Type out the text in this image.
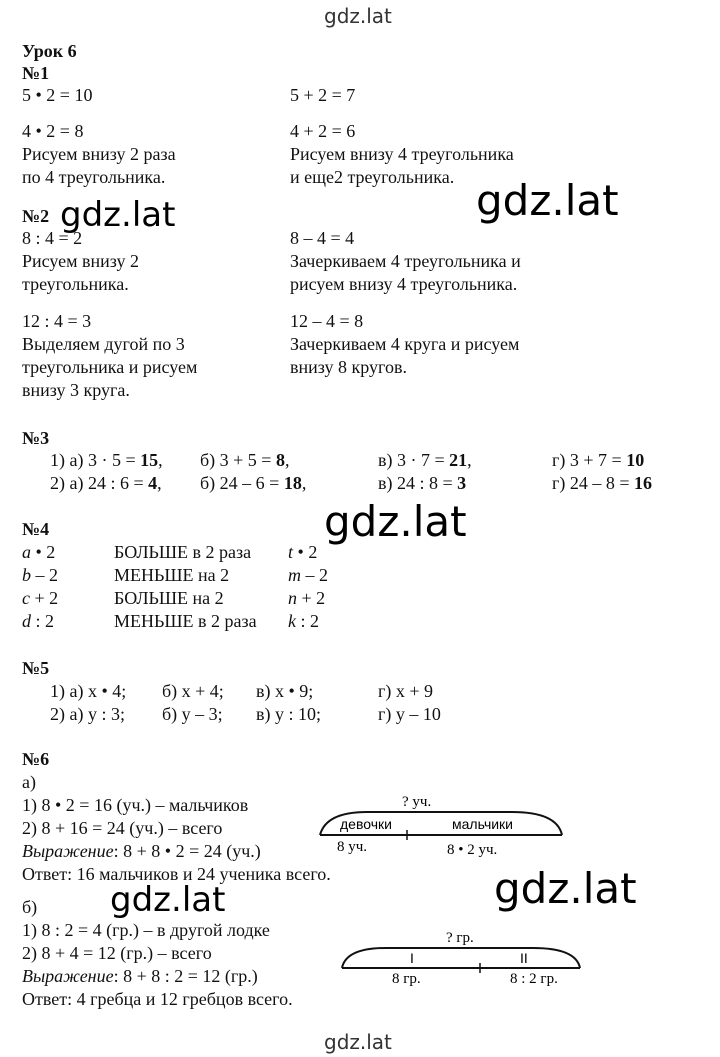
gdz.lat
gdz.lat	gdz.lat
gdz.lat
gdz.lat
gdz.lat
gdz.lat
Урок 6
№1
5 • 2 = 10	5 + 2 = 7
4 • 2 = 8	4 + 2 = 6
Рисуем внизу 2 раза	Рисуем внизу 4 треугольника
по 4 треугольника.	и еще2 треугольника.
№2
8 : 4 = 2	8 – 4 = 4
Рисуем внизу 2	Зачеркиваем 4 треугольника и
треугольника.	рисуем внизу 4 треугольника.
12 : 4 = 3	12 – 4 = 8
Выделяем дугой по 3	Зачеркиваем 4 круга и рисуем
треугольника и рисуем	внизу 8 кругов.
внизу 3 круга.
№3
1) а) 3 · 5 = 15, б) 3 + 5 = 8,	в) 3 · 7 = 21,	г) 3 + 7 = 10
2) а) 24 : 6 = 4, б) 24 – 6 = 18,	в) 24 : 8 = 3	г) 24 – 8 = 16
№4
a • 2	БОЛЬШЕ в 2 раза t • 2
b – 2	МЕНЬШЕ на 2	m – 2
c + 2	БОЛЬШЕ на 2	n + 2
d : 2	МЕНЬШЕ в 2 раза k : 2
№5
1) а) х • 4; б) х + 4; в) х • 9;	г) х + 9
2) а) у : 3; б) у – 3; в) у : 10;	г) у – 10
№6
а)
1) 8 • 2 = 16 (уч.) – мальчиков
2) 8 + 16 = 24 (уч.) – всего
Выражение: 8 + 8 • 2 = 24 (уч.)
Ответ: 16 мальчиков и 24 ученика всего.
? уч.
девочки	мальчики
8 уч.	8 • 2 уч.
б)
1) 8 : 2 = 4 (гр.) – в другой лодке
2) 8 + 4 = 12 (гр.) – всего
Выражение: 8 + 8 : 2 = 12 (гр.)
Ответ: 4 гребца и 12 гребцов всего.
? гр.
I	II
8 гр.	8 : 2 гр.
